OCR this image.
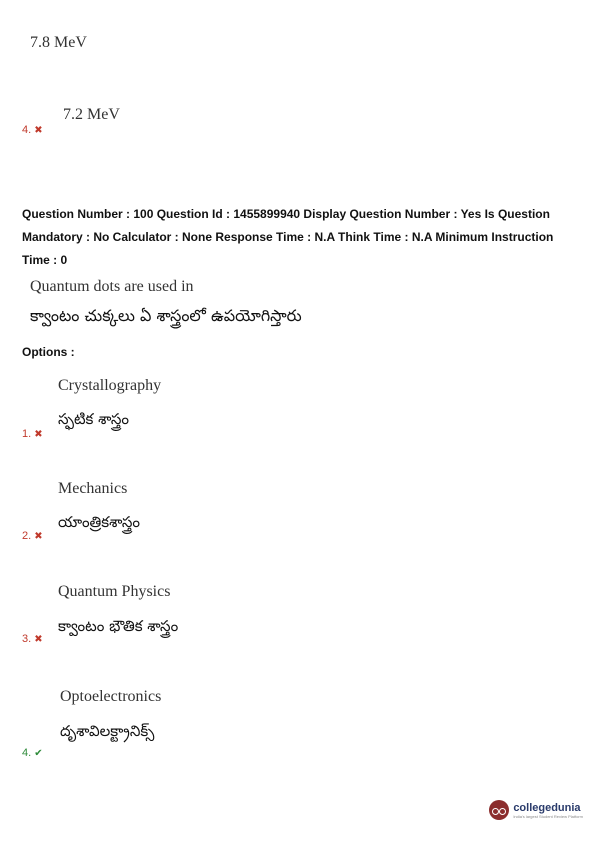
7.8 MeV
7.2 MeV
4. ✖
Question Number : 100 Question Id : 1455899940 Display Question Number : Yes Is Question Mandatory : No Calculator : None Response Time : N.A Think Time : N.A Minimum Instruction Time : 0
Quantum dots are used in
క్వాంటం చుక్కలు ఏ శాస్త్రంలో ఉపయోగిస్తారు
Options :
Crystallography
స్ఫటిక శాస్త్రం
1. ✖
Mechanics
యాంత్రికశాస్త్రం
2. ✖
Quantum Physics
క్వాంటం భౌతిక శాస్త్రం
3. ✖
Optoelectronics
దృశావిలక్ట్రానిక్స్
4. ✔
collegedunia
India's largest Student Review Platform
